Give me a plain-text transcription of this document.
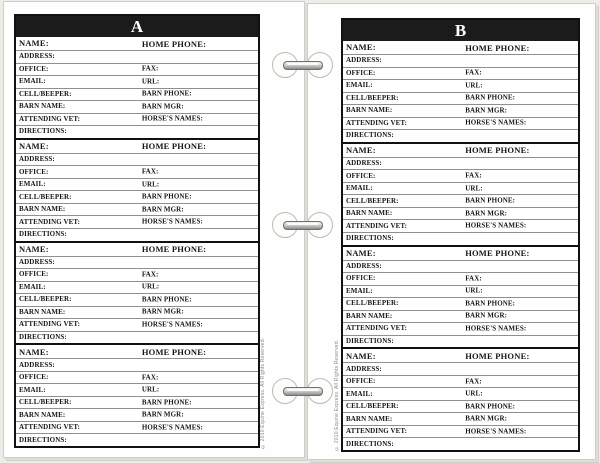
A
NAME:	HOME PHONE:
ADDRESS:
OFFICE:	FAX:
EMAIL:	URL:
CELL/BEEPER:	BARN PHONE:
BARN NAME:	BARN MGR:
ATTENDING VET:	HORSE'S NAMES:
DIRECTIONS:
NAME:	HOME PHONE:
ADDRESS:
OFFICE:	FAX:
EMAIL:	URL:
CELL/BEEPER:	BARN PHONE:
BARN NAME:	BARN MGR:
ATTENDING VET:	HORSE'S NAMES:
DIRECTIONS:
NAME:	HOME PHONE:
ADDRESS:
OFFICE:	FAX:
EMAIL:	URL:
CELL/BEEPER:	BARN PHONE:
BARN NAME:	BARN MGR:
ATTENDING VET:	HORSE'S NAMES:
DIRECTIONS:
NAME:	HOME PHONE:
ADDRESS:
OFFICE:	FAX:
EMAIL:	URL:
CELL/BEEPER:	BARN PHONE:
BARN NAME:	BARN MGR:
ATTENDING VET:	HORSE'S NAMES:
DIRECTIONS:	© 2010 Equine Express. All Rights Reserved.
B
NAME:	HOME PHONE:
ADDRESS:
OFFICE:	FAX:
EMAIL:	URL:
CELL/BEEPER:	BARN PHONE:
BARN NAME:	BARN MGR:
ATTENDING VET:	HORSE'S NAMES:
DIRECTIONS:
NAME:	HOME PHONE:
ADDRESS:
OFFICE:	FAX:
EMAIL:	URL:
CELL/BEEPER:	BARN PHONE:
BARN NAME:	BARN MGR:
ATTENDING VET:	HORSE'S NAMES:
DIRECTIONS:
NAME:	HOME PHONE:
ADDRESS:
OFFICE:	FAX:
EMAIL:	URL:
CELL/BEEPER:	BARN PHONE:
BARN NAME:	BARN MGR:
ATTENDING VET:	HORSE'S NAMES:
DIRECTIONS:
NAME:	HOME PHONE:
ADDRESS:
OFFICE:	FAX:
EMAIL:	URL:
CELL/BEEPER:	BARN PHONE:
BARN NAME:	BARN MGR:
ATTENDING VET:	HORSE'S NAMES:
DIRECTIONS:
© 2010 Equine Express. All Rights Reserved.
